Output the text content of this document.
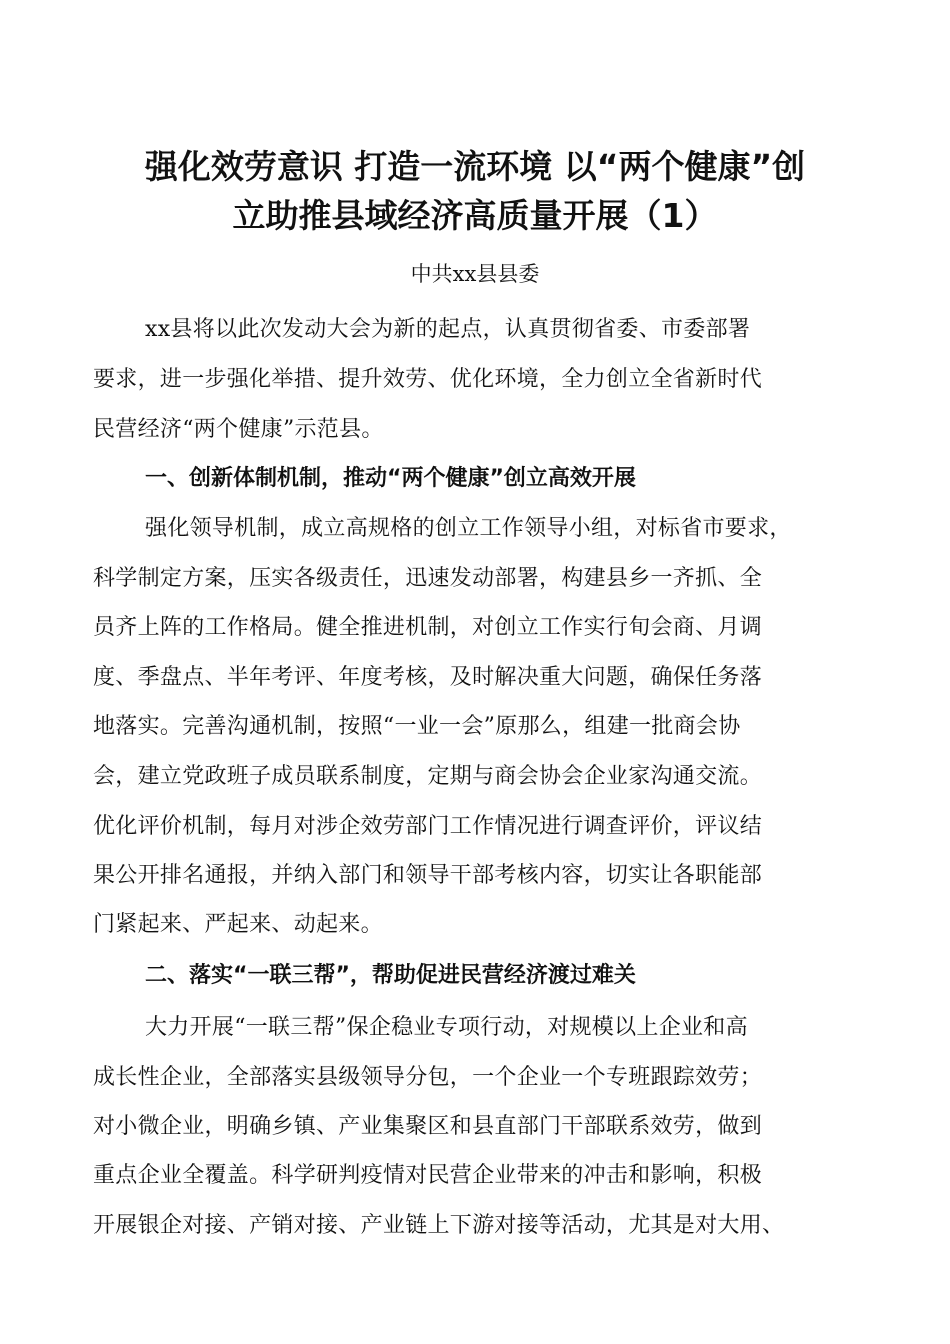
强化效劳意识 打造一流环境 以“两个健康”创
立助推县域经济高质量开展（1）
中共xx县县委
xx县将以此次发动大会为新的起点，认真贯彻省委、市委部署
要求，进一步强化举措、提升效劳、优化环境，全力创立全省新时代
民营经济“两个健康”示范县。
一、创新体制机制，推动“两个健康”创立高效开展
强化领导机制，成立高规格的创立工作领导小组，对标省市要求，
科学制定方案，压实各级责任，迅速发动部署，构建县乡一齐抓、全
员齐上阵的工作格局。健全推进机制，对创立工作实行旬会商、月调
度、季盘点、半年考评、年度考核，及时解决重大问题，确保任务落
地落实。完善沟通机制，按照“一业一会”原那么，组建一批商会协
会，建立党政班子成员联系制度，定期与商会协会企业家沟通交流。
优化评价机制，每月对涉企效劳部门工作情况进行调查评价，评议结
果公开排名通报，并纳入部门和领导干部考核内容，切实让各职能部
门紧起来、严起来、动起来。
二、落实“一联三帮”，帮助促进民营经济渡过难关
大力开展“一联三帮”保企稳业专项行动，对规模以上企业和高
成长性企业，全部落实县级领导分包，一个企业一个专班跟踪效劳；
对小微企业，明确乡镇、产业集聚区和县直部门干部联系效劳，做到
重点企业全覆盖。科学研判疫情对民营企业带来的冲击和影响，积极
开展银企对接、产销对接、产业链上下游对接等活动，尤其是对大用、
